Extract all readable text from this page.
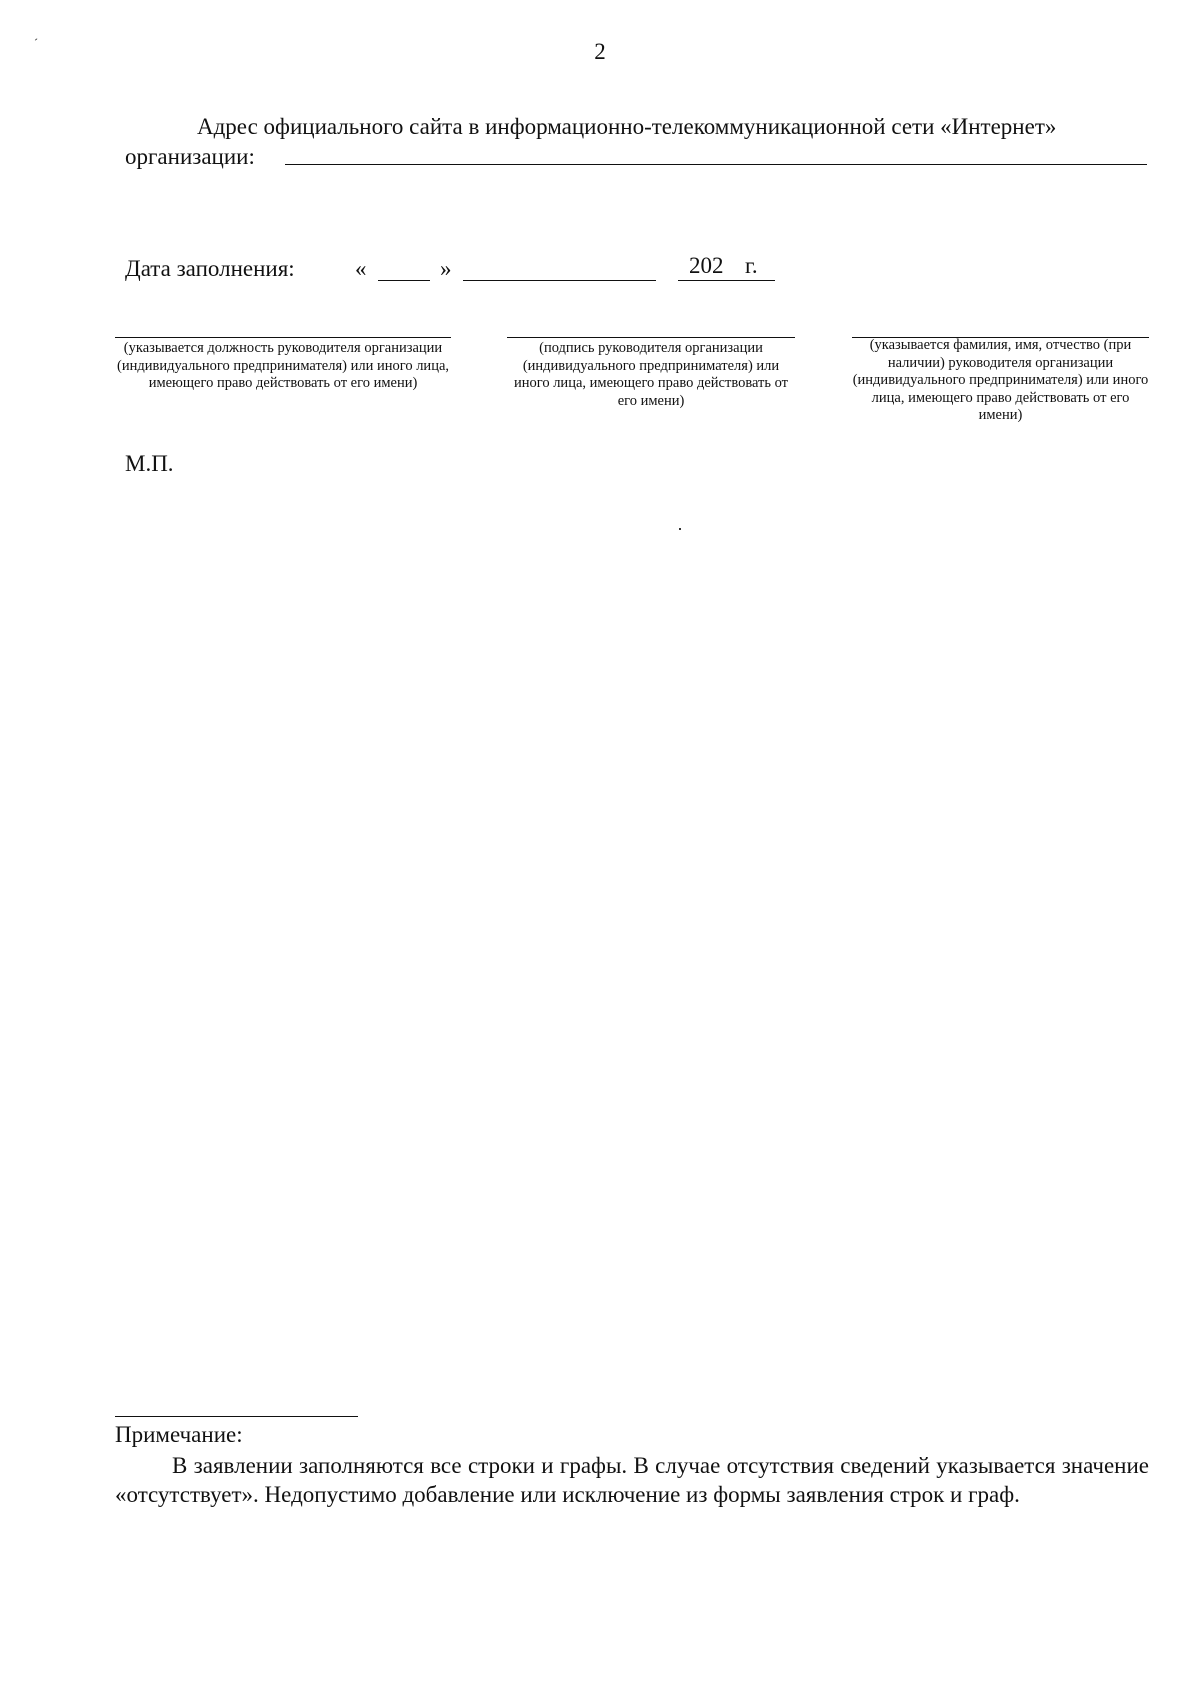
´	2
Адрес официального сайта в информационно-телекоммуникационной сети «Интернет»
организации:
Дата заполнения:	«	»	202 г.
(указывается должность руководителя организации (индивидуального предпринимателя) или иного лица, имеющего право действовать от его имени)
(подпись руководителя организации (индивидуального предпринимателя) или иного лица, имеющего право действовать от его имени)
(указывается фамилия, имя, отчество (при наличии) руководителя организации (индивидуального предпринимателя) или иного лица, имеющего право действовать от его имени)
М.П.
Примечание:
В заявлении заполняются все строки и графы. В случае отсутствия сведений указывается значение «отсутствует». Недопустимо добавление или исключение из формы заявления строк и граф.
